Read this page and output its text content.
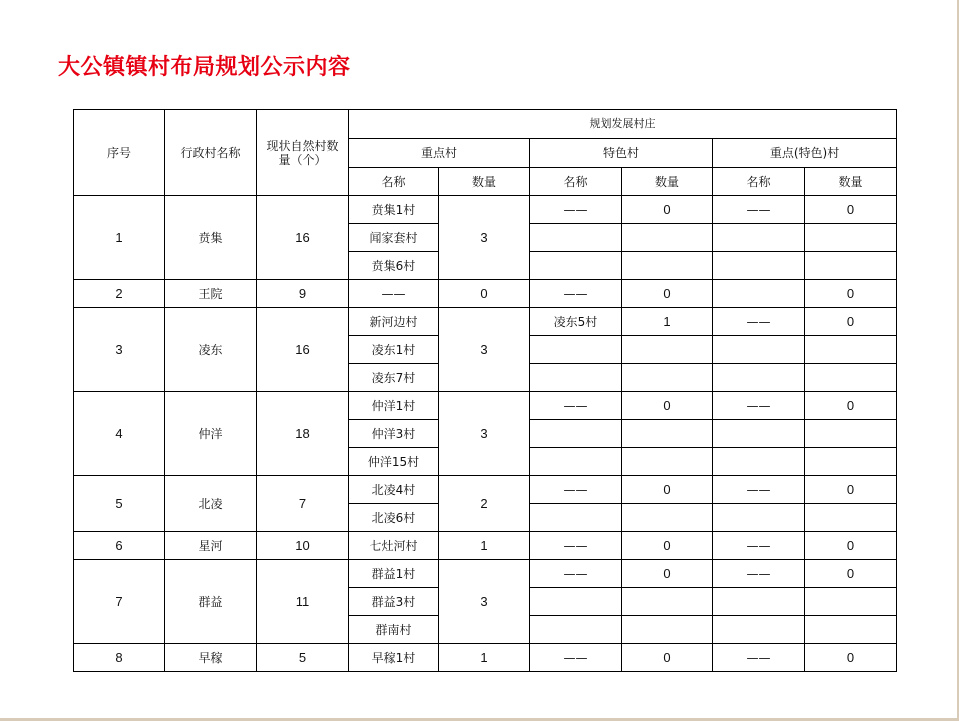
大公镇镇村布局规划公示内容
序号	行政村名称	现状自然村数量（个）	规划发展村庄					
			重点村		特色村		重点(特色)村	
			名称	数量	名称	数量	名称	数量
1	贲集	16	贲集1村	3	——	0	——	0
			闻家套村					
			贲集6村					
2	王院	9	——	0	——	0		0
3	凌东	16	新河边村	3	凌东5村	1	——	0
			凌东1村					
			凌东7村					
4	仲洋	18	仲洋1村	3	——	0	——	0
			仲洋3村					
			仲洋15村					
5	北凌	7	北凌4村	2	——	0	——	0
			北凌6村					
6	星河	10	七灶河村	1	——	0	——	0
7	群益	11	群益1村	3	——	0	——	0
			群益3村					
			群南村					
8	早稼	5	早稼1村	1	——	0	——	0
